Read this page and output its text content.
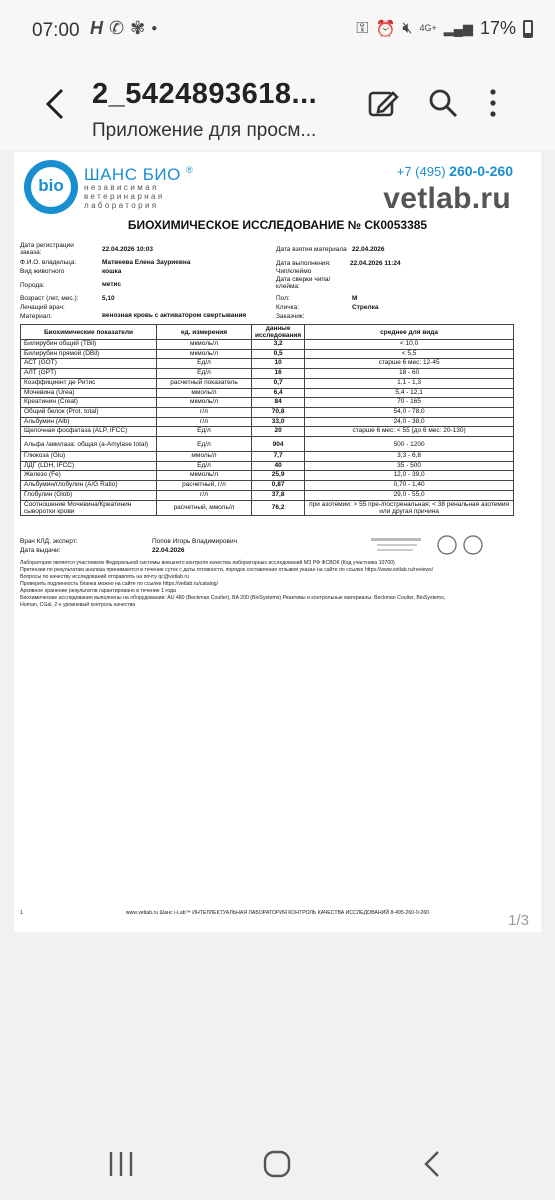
07:00 H ✆ ✾ ●	⚿ ⏰ 🔇︎ 4G+ ▂▄▆ 17%
2_5424893618...
Приложение для просм...
bio
ШАНС БИО ®
независимая
ветеринарная
лаборатория
+7 (495) 260-0-260
vetlab.ru
БИОХИМИЧЕСКОЕ ИССЛЕДОВАНИЕ № СК0053385
Дата регистрации заказа:	22.04.2026 10:03
Ф.И.О. владельца:	Матвеева Елена Зауриевна
Вид животного	кошка
Порода:	метис
Возраст (лет, мес.):	5,10
Лечащий врач:
Материал:	венозная кровь с активатором свертывания
Дата взятия материала 22.04.2026
Дата выполнения:	22.04.2026 11:24
Чип/клеймо
Дата сверки чипа/клейма:
Пол:	М
Кличка:	Стрелка
Заказчик:
Биохимические показатели	ед. измерения	данные исследования	среднее для вида
Билирубин общий (TBil)	мкмоль/л	3,2	< 10,0
Билирубин прямой (DBil)	мкмоль/л	0,5	< 5,5
АСТ (GOT)	Ед/л	10	старше 6 мес: 12-45
АЛТ (GPT)	Ед/л	16	18 - 60
Коэффициент де Ритис	расчетный показатель	0,7	1,1 - 1,3
Мочевина (Urea)	ммоль/л	6,4	5,4 - 12,1
Креатинин (Creat)	мкмоль/л	84	70 - 165
Общий белок (Prot. total)	г/л	70,8	54,0 - 78,0
Альбумин (Alb)	г/л	33,0	24,0 - 38,0
Щелочная фосфатаза (ALP, IFCC)	Ед/л	20	старше 6 мес: < 55 (до 6 мес: 20-130)
Альфа /амилаза: общая (а-Amylase total)	Ед/л	904	500 - 1200
Глюкоза (Glu)	ммоль/л	7,7	3,3 - 6,8
ЛДГ (LDH, IFCC)	Ед/л	40	35 - 500
Железо (Fe)	мкмоль/л	25,9	12,0 - 39,0
Альбумин/глобулин (A/G Ratio)	расчетный, г/л	0,87	0,70 - 1,40
Глобулин (Glob)	г/л	37,8	29,0 - 55,0
Соотношение Мочевина/Креатинин сыворотки крови	расчетный, ммоль/л	76,2	при азотемии: > 55 пре-/постренальная; < 38 ренальная азотемия или другая причина
Врач КЛД, эксперт:	Попов Игорь Владимирович
Дата выдачи:	22.04.2026
Лаборатория является участником Федеральной системы внешнего контроля качества лабораторных исследований МЗ РФ ФСВОК (Код участника 10700)
Претензии по результатам анализа принимаются в течение суток с даты готовности, порядок составления отзывов указан на сайте по ссылке https://www.vetlab.ru/reviews/
Вопросы по качеству исследований отправлять на почту qc@vetlab.ru
Проверить подлинность бланка можно на сайте по ссылке https://vetlab.ru/catalog/
Архивное хранение результатов гарантировано в течение 1 года
Биохимические исследования выполнены на оборудовании: AU 480 (Beckman Coulter), BA 200 (BioSystems) Реактивы и контрольные материалы: Beckman Coulter, BioSystems,
Human, CGal, 2-х уровневый контроль качества
1	www.vetlab.ru Шанс i-Lab™ ИНТЕЛЛЕКТУАЛЬНАЯ ЛАБОРАТОРИЯ КОНТРОЛЬ КАЧЕСТВА ИССЛЕДОВАНИЙ 8-495-260-0-260	1/3
